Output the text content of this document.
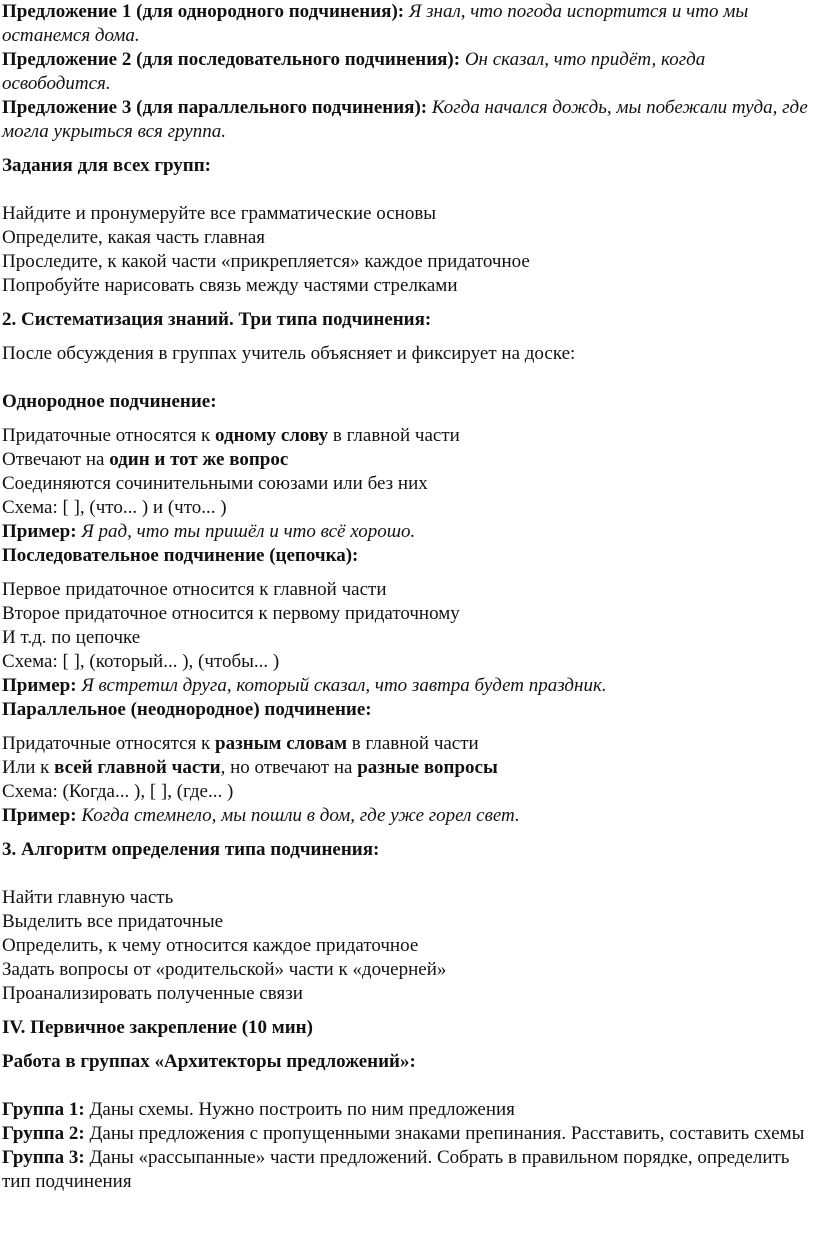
Предложение 1 (для однородного подчинения): Я знал, что погода испортится и что мы останемся дома.

Предложение 2 (для последовательного подчинения): Он сказал, что придёт, когда освободится.

Предложение 3 (для параллельного подчинения): Когда начался дождь, мы побежали туда, где могла укрыться вся группа.

Задания для всех групп:

Найдите и пронумеруйте все грамматические основы

Определите, какая часть главная

Проследите, к какой части «прикрепляется» каждое придаточное

Попробуйте нарисовать связь между частями стрелками

2. Систематизация знаний. Три типа подчинения:

После обсуждения в группах учитель объясняет и фиксирует на доске:

Однородное подчинение:

Придаточные относятся к одному слову в главной части

Отвечают на один и тот же вопрос

Соединяются сочинительными союзами или без них

Схема: [ ], (что... ) и (что... )

Пример: Я рад, что ты пришёл и что всё хорошо.

Последовательное подчинение (цепочка):

Первое придаточное относится к главной части

Второе придаточное относится к первому придаточному

И т.д. по цепочке

Схема: [ ], (который... ), (чтобы... )

Пример: Я встретил друга, который сказал, что завтра будет праздник.

Параллельное (неоднородное) подчинение:

Придаточные относятся к разным словам в главной части

Или к всей главной части, но отвечают на разные вопросы

Схема: (Когда... ), [ ], (где... )

Пример: Когда стемнело, мы пошли в дом, где уже горел свет.

3. Алгоритм определения типа подчинения:

Найти главную часть

Выделить все придаточные

Определить, к чему относится каждое придаточное

Задать вопросы от «родительской» части к «дочерней»

Проанализировать полученные связи

IV. Первичное закрепление (10 мин)

Работа в группах «Архитекторы предложений»:

Группа 1: Даны схемы. Нужно построить по ним предложения

Группа 2: Даны предложения с пропущенными знаками препинания. Расставить, составить схемы

Группа 3: Даны «рассыпанные» части предложений. Собрать в правильном порядке, определить тип подчинения
